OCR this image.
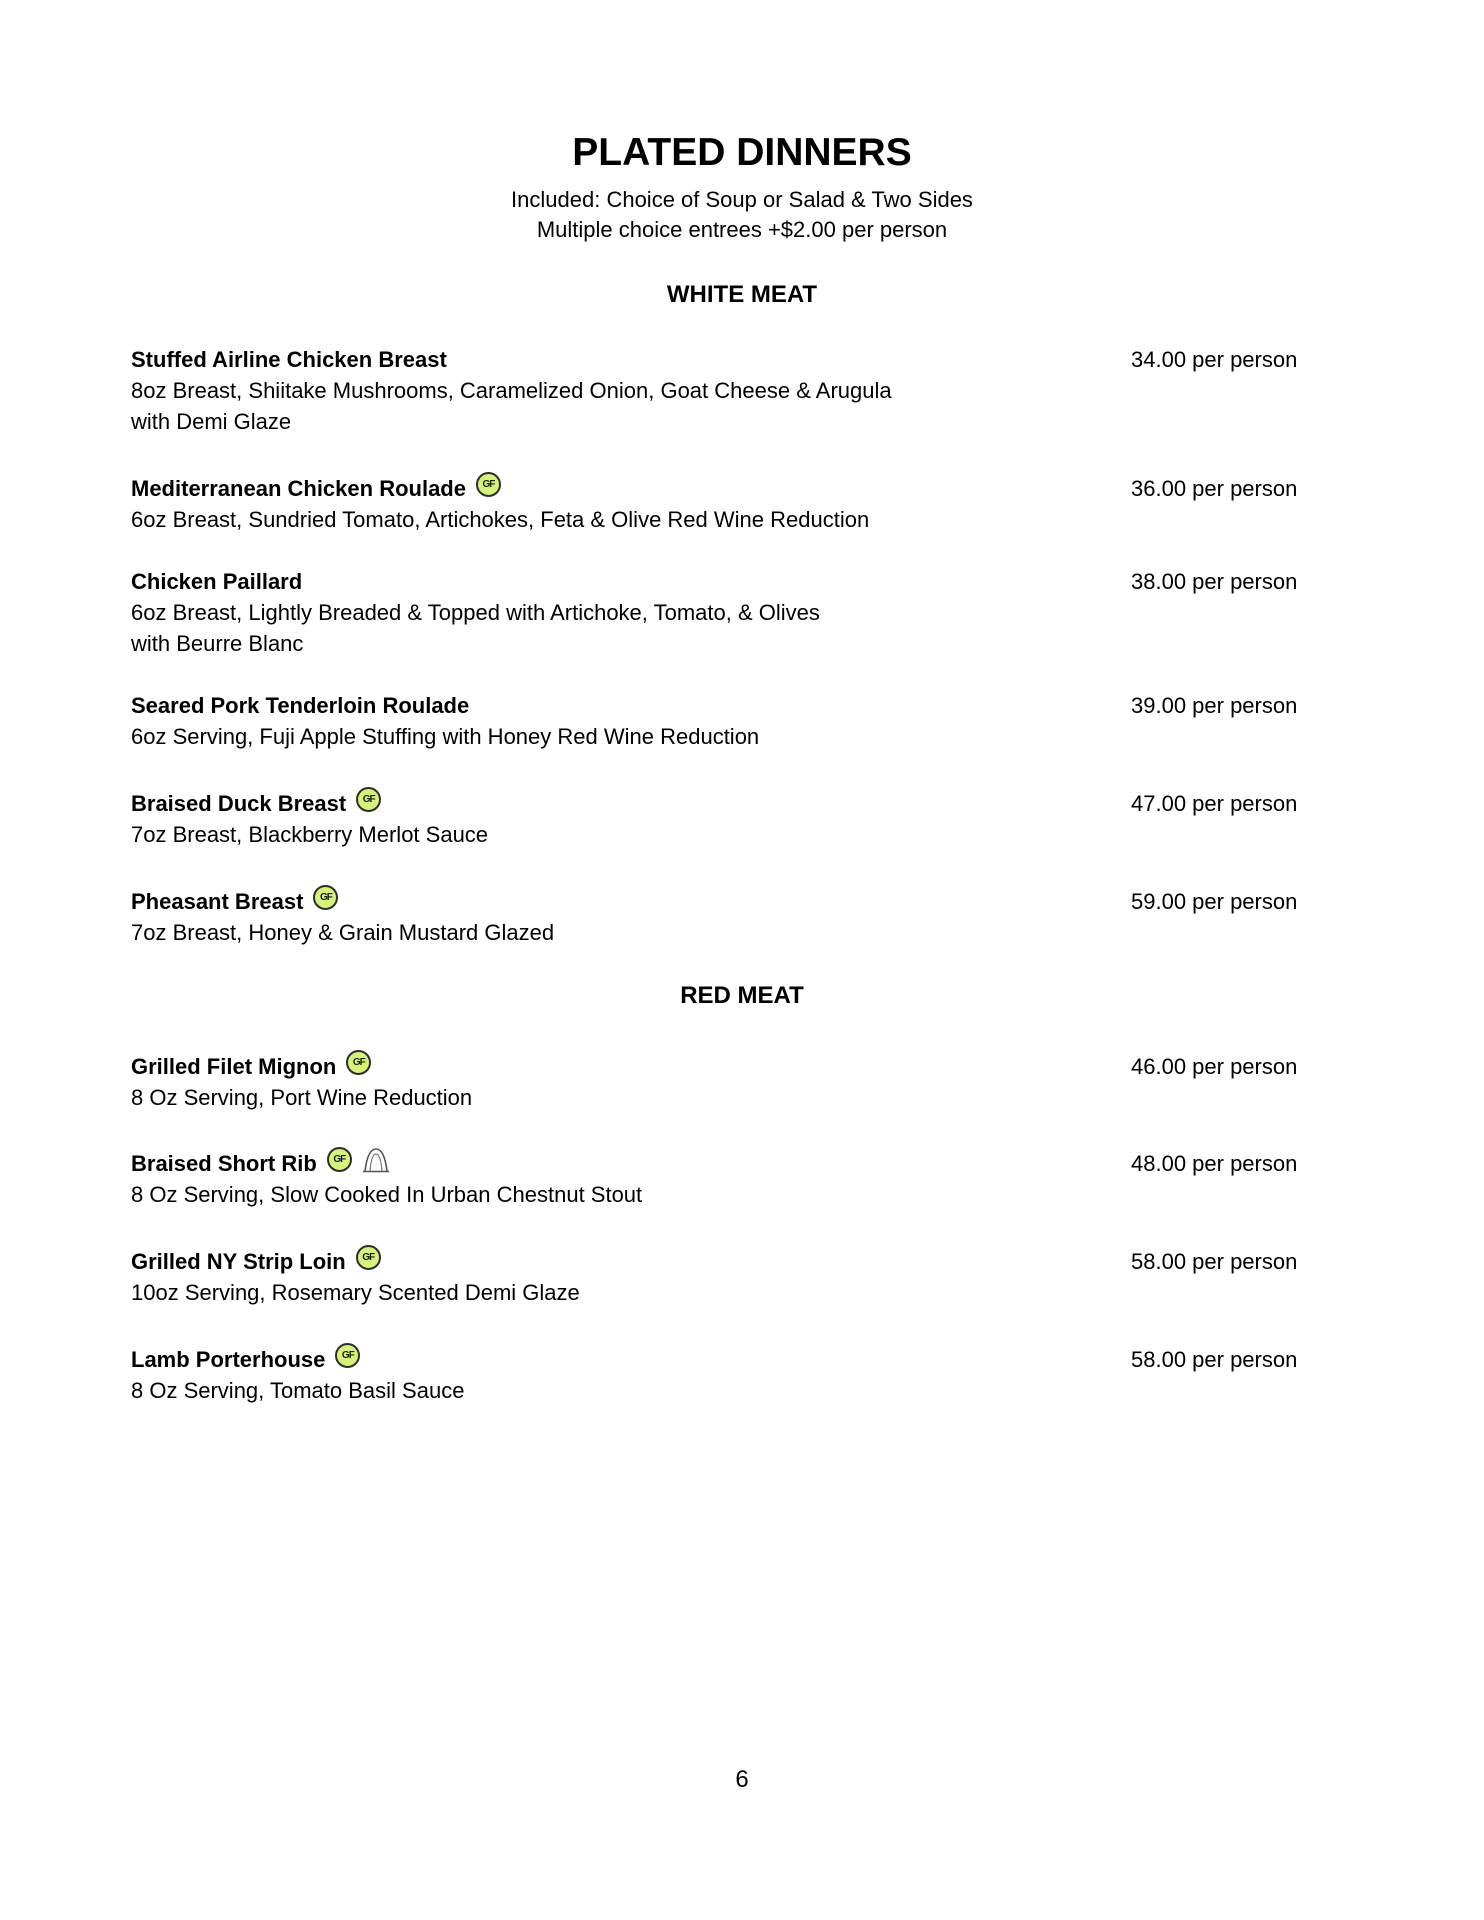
PLATED DINNERS
Included: Choice of Soup or Salad & Two Sides
Multiple choice entrees +$2.00 per person
WHITE MEAT
Stuffed Airline Chicken Breast
8oz Breast, Shiitake Mushrooms, Caramelized Onion, Goat Cheese & Arugula
with Demi Glaze
34.00 per person
Mediterranean Chicken Roulade	GF
6oz Breast, Sundried Tomato, Artichokes, Feta & Olive Red Wine Reduction
36.00 per person
Chicken Paillard
6oz Breast, Lightly Breaded & Topped with Artichoke, Tomato, & Olives
with Beurre Blanc
38.00 per person
Seared Pork Tenderloin Roulade
6oz Serving, Fuji Apple Stuffing with Honey Red Wine Reduction
39.00 per person
Braised Duck Breast	GF
7oz Breast, Blackberry Merlot Sauce
47.00 per person
Pheasant Breast	GF
7oz Breast, Honey & Grain Mustard Glazed
59.00 per person
RED MEAT
Grilled Filet Mignon	GF
8 Oz Serving, Port Wine Reduction
46.00 per person
Braised Short Rib	GF
8 Oz Serving, Slow Cooked In Urban Chestnut Stout
48.00 per person
Grilled NY Strip Loin	GF
10oz Serving, Rosemary Scented Demi Glaze
58.00 per person
Lamb Porterhouse	GF
8 Oz Serving, Tomato Basil Sauce
58.00 per person
6
